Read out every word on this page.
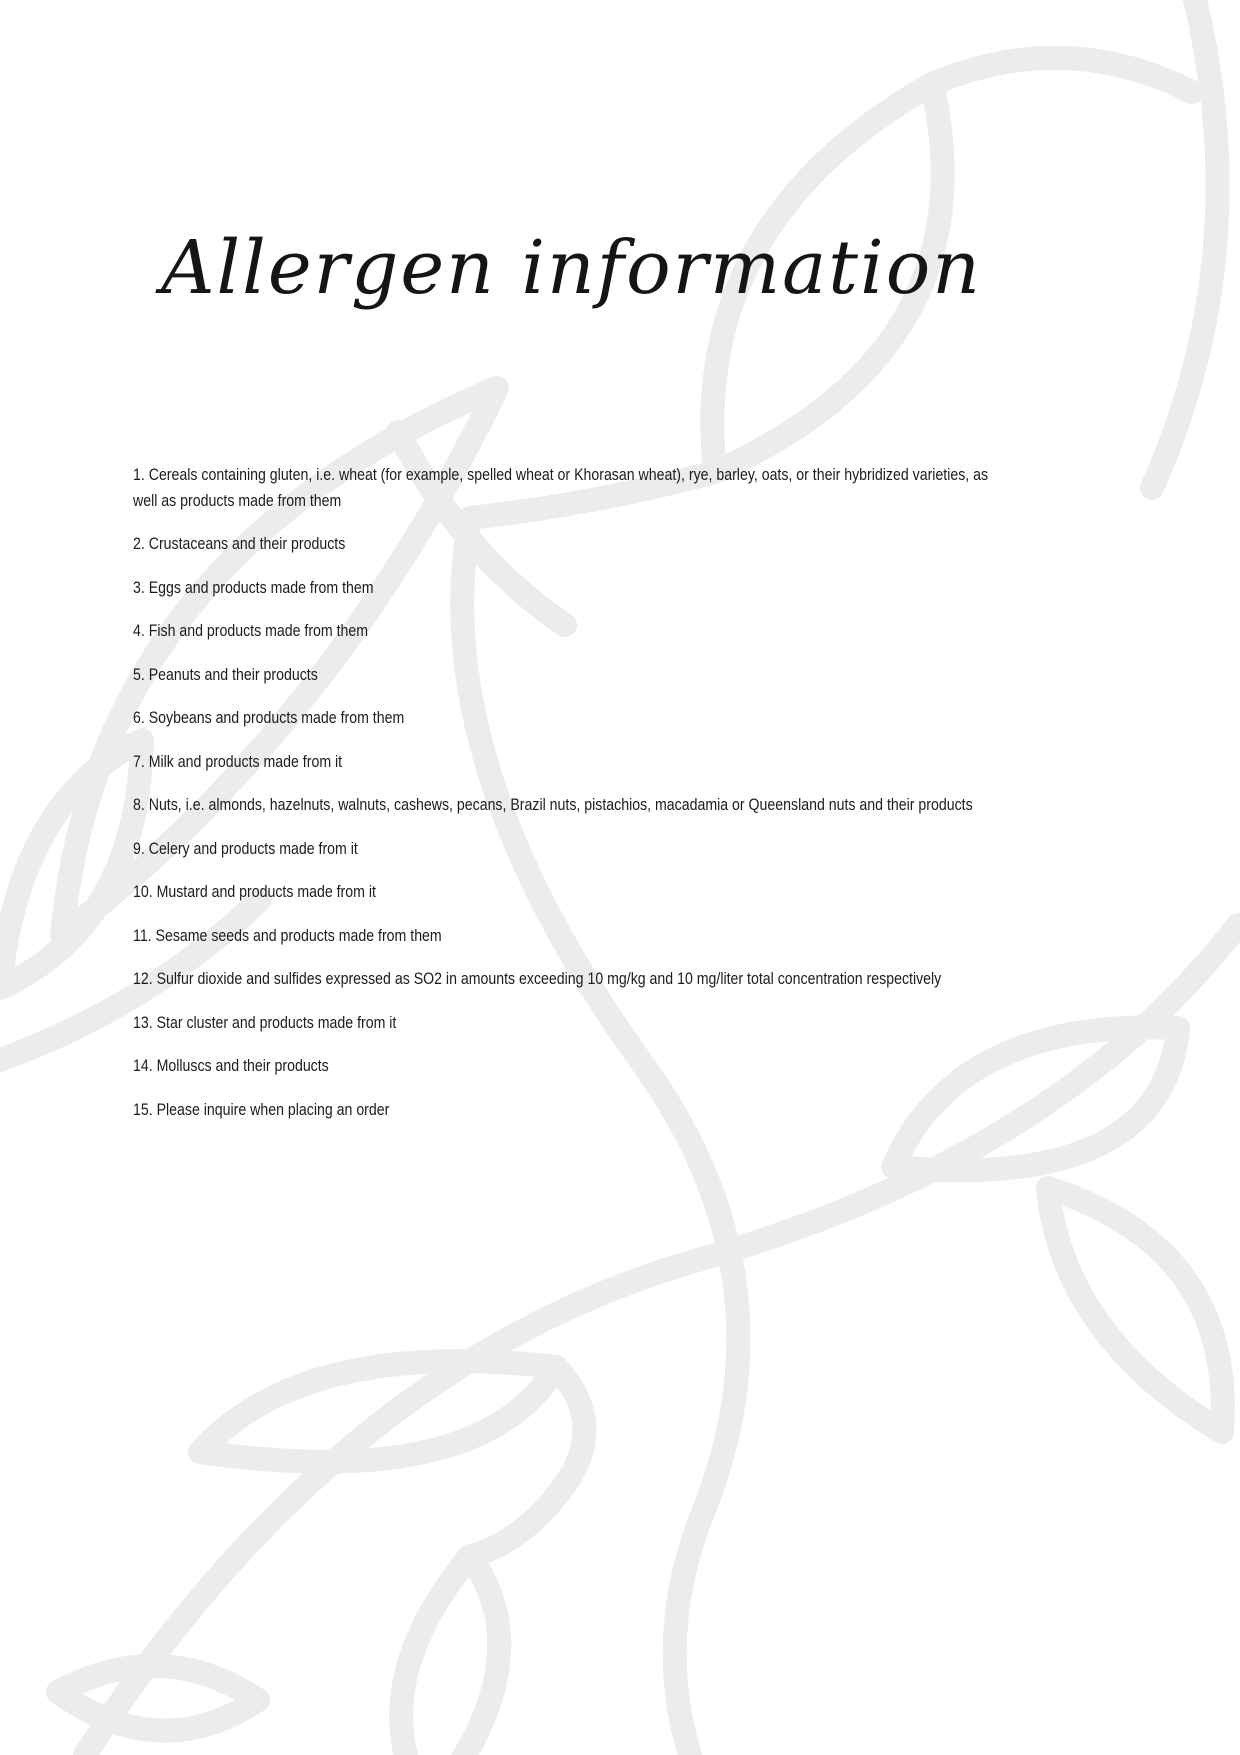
Allergen information

1. Cereals containing gluten, i.e. wheat (for example, spelled wheat or Khorasan wheat), rye, barley, oats, or their hybridized varieties, as well as products made from them

2. Crustaceans and their products

3. Eggs and products made from them

4. Fish and products made from them

5. Peanuts and their products

6. Soybeans and products made from them

7. Milk and products made from it

8. Nuts, i.e. almonds, hazelnuts, walnuts, cashews, pecans, Brazil nuts, pistachios, macadamia or Queensland nuts and their products

9. Celery and products made from it

10. Mustard and products made from it

11. Sesame seeds and products made from them

12. Sulfur dioxide and sulfides expressed as SO2 in amounts exceeding 10 mg/kg and 10 mg/liter total concentration respectively

13. Star cluster and products made from it

14. Molluscs and their products

15. Please inquire when placing an order
